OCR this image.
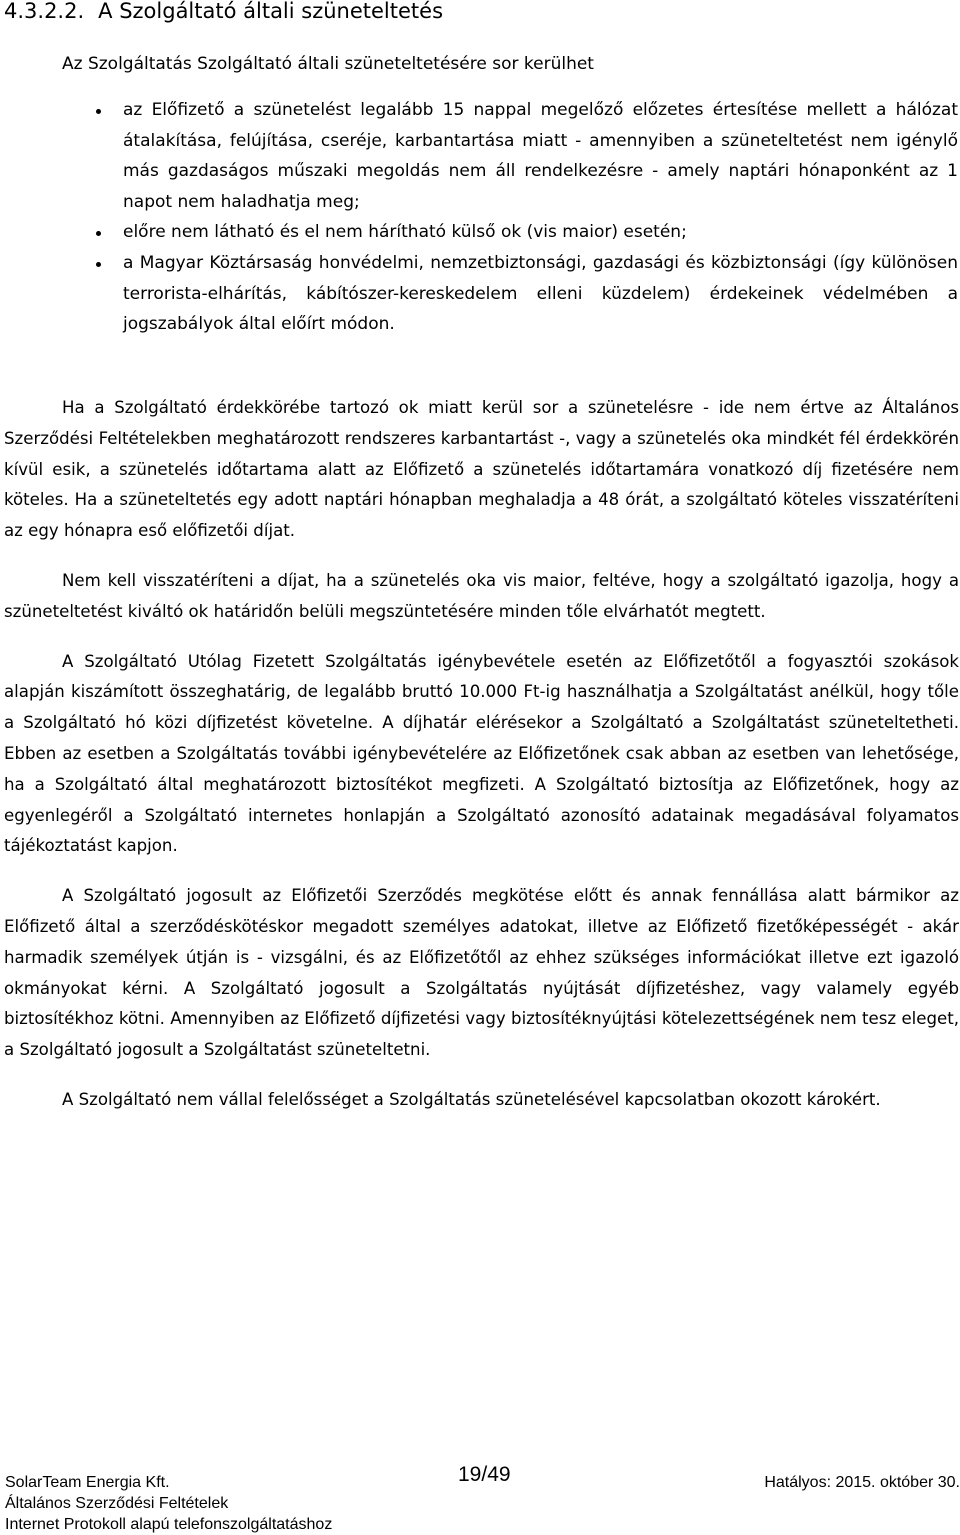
4.3.2.2. A Szolgáltató általi szüneteltetés
Az Szolgáltatás Szolgáltató általi szüneteltetésére sor kerülhet
az Előfizető a szünetelést legalább 15 nappal megelőző előzetes értesítése mellett a hálózat átalakítása, felújítása, cseréje, karbantartása miatt - amennyiben a szüneteltetést nem igénylő más gazdaságos műszaki megoldás nem áll rendelkezésre - amely naptári hónaponként az 1 napot nem haladhatja meg;
előre nem látható és el nem hárítható külső ok (vis maior) esetén;
a Magyar Köztársaság honvédelmi, nemzetbiztonsági, gazdasági és közbiztonsági (így különösen terrorista-elhárítás, kábítószer-kereskedelem elleni küzdelem) érdekeinek védelmében a jogszabályok által előírt módon.

Ha a Szolgáltató érdekkörébe tartozó ok miatt kerül sor a szünetelésre - ide nem értve az Általános Szerződési Feltételekben meghatározott rendszeres karbantartást -, vagy a szünetelés oka mindkét fél érdekkörén kívül esik, a szünetelés időtartama alatt az Előfizető a szünetelés időtartamára vonatkozó díj fizetésére nem köteles. Ha a szüneteltetés egy adott naptári hónapban meghaladja a 48 órát, a szolgáltató köteles visszatéríteni az egy hónapra eső előfizetői díjat.

Nem kell visszatéríteni a díjat, ha a szünetelés oka vis maior, feltéve, hogy a szolgáltató igazolja, hogy a szüneteltetést kiváltó ok határidőn belüli megszüntetésére minden tőle elvárhatót megtett.

A Szolgáltató Utólag Fizetett Szolgáltatás igénybevétele esetén az Előfizetőtől a fogyasztói szokások alapján kiszámított összeghatárig, de legalább bruttó 10.000 Ft-ig használhatja a Szolgáltatást anélkül, hogy tőle a Szolgáltató hó közi díjfizetést követelne. A díjhatár elérésekor a Szolgáltató a Szolgáltatást szüneteltetheti. Ebben az esetben a Szolgáltatás további igénybevételére az Előfizetőnek csak abban az esetben van lehetősége, ha a Szolgáltató által meghatározott biztosítékot megfizeti. A Szolgáltató biztosítja az Előfizetőnek, hogy az egyenlegéről a Szolgáltató internetes honlapján a Szolgáltató azonosító adatainak megadásával folyamatos tájékoztatást kapjon.

A Szolgáltató jogosult az Előfizetői Szerződés megkötése előtt és annak fennállása alatt bármikor az Előfizető által a szerződéskötéskor megadott személyes adatokat, illetve az Előfizető fizetőképességét - akár harmadik személyek útján is - vizsgálni, és az Előfizetőtől az ehhez szükséges információkat illetve ezt igazoló okmányokat kérni. A Szolgáltató jogosult a Szolgáltatás nyújtását díjfizetéshez, vagy valamely egyéb biztosítékhoz kötni. Amennyiben az Előfizető díjfizetési vagy biztosítéknyújtási kötelezettségének nem tesz eleget, a Szolgáltató jogosult a Szolgáltatást szüneteltetni.

A Szolgáltató nem vállal felelősséget a Szolgáltatás szünetelésével kapcsolatban okozott károkért.

SolarTeam Energia Kft.	19/49	Hatályos: 2015. október 30.
Általános Szerződési Feltételek
Internet Protokoll alapú telefonszolgáltatáshoz
